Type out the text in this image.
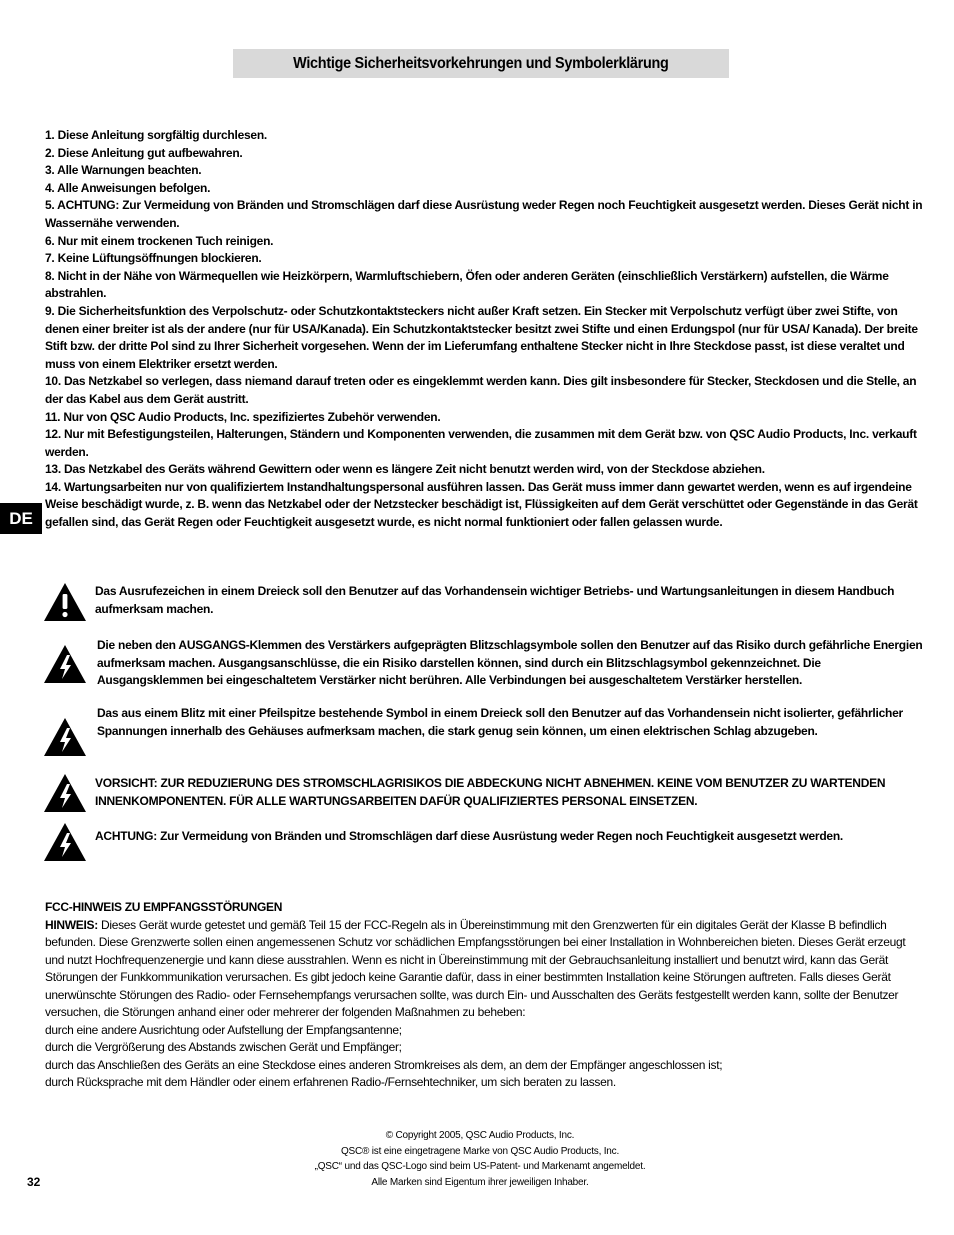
Wichtige Sicherheitsvorkehrungen und Symbolerklärung
1. Diese Anleitung sorgfältig durchlesen.
2. Diese Anleitung gut aufbewahren.
3. Alle Warnungen beachten.
4. Alle Anweisungen befolgen.
5. ACHTUNG: Zur Vermeidung von Bränden und Stromschlägen darf diese Ausrüstung weder Regen noch Feuchtigkeit ausgesetzt werden. Dieses Gerät nicht in Wassernähe verwenden.
6. Nur mit einem trockenen Tuch reinigen.
7. Keine Lüftungsöffnungen blockieren.
8. Nicht in der Nähe von Wärmequellen wie Heizkörpern, Warmluftschiebern, Öfen oder anderen Geräten (einschließlich Verstärkern) aufstellen, die Wärme abstrahlen.
9. Die Sicherheitsfunktion des Verpolschutz- oder Schutzkontaktsteckers nicht außer Kraft setzen. Ein Stecker mit Verpolschutz verfügt über zwei Stifte, von denen einer breiter ist als der andere (nur für USA/Kanada). Ein Schutzkontaktstecker besitzt zwei Stifte und einen Erdungspol (nur für USA/ Kanada). Der breite Stift bzw. der dritte Pol sind zu Ihrer Sicherheit vorgesehen. Wenn der im Lieferumfang enthaltene Stecker nicht in Ihre Steckdose passt, ist diese veraltet und muss von einem Elektriker ersetzt werden.
10. Das Netzkabel so verlegen, dass niemand darauf treten oder es eingeklemmt werden kann. Dies gilt insbesondere für Stecker, Steckdosen und die Stelle, an der das Kabel aus dem Gerät austritt.
11. Nur von QSC Audio Products, Inc. spezifiziertes Zubehör verwenden.
12. Nur mit Befestigungsteilen, Halterungen, Ständern und Komponenten verwenden, die zusammen mit dem Gerät bzw. von QSC Audio Products, Inc. verkauft werden.
13. Das Netzkabel des Geräts während Gewittern oder wenn es längere Zeit nicht benutzt werden wird, von der Steckdose abziehen.
14. Wartungsarbeiten nur von qualifiziertem Instandhaltungspersonal ausführen lassen. Das Gerät muss immer dann gewartet werden, wenn es auf irgendeine Weise beschädigt wurde, z. B. wenn das Netzkabel oder der Netzstecker beschädigt ist, Flüssigkeiten auf dem Gerät verschüttet oder Gegenstände in das Gerät gefallen sind, das Gerät Regen oder Feuchtigkeit ausgesetzt wurde, es nicht normal funktioniert oder fallen gelassen wurde.
DE
Das Ausrufezeichen in einem Dreieck soll den Benutzer auf das Vorhandensein wichtiger Betriebs- und Wartungsanleitungen in diesem Handbuch aufmerksam machen.
Die neben den AUSGANGS-Klemmen des Verstärkers aufgeprägten Blitzschlagsymbole sollen den Benutzer auf das Risiko durch gefährliche Energien aufmerksam machen. Ausgangsanschlüsse, die ein Risiko darstellen können, sind durch ein Blitzschlagsymbol gekennzeichnet. Die Ausgangsklemmen bei eingeschaltetem Verstärker nicht berühren. Alle Verbindungen bei ausgeschaltetem Verstärker herstellen.
Das aus einem Blitz mit einer Pfeilspitze bestehende Symbol in einem Dreieck soll den Benutzer auf das Vorhandensein nicht isolierter, gefährlicher Spannungen innerhalb des Gehäuses aufmerksam machen, die stark genug sein können, um einen elektrischen Schlag abzugeben.
VORSICHT: ZUR REDUZIERUNG DES STROMSCHLAGRISIKOS DIE ABDECKUNG NICHT ABNEHMEN. KEINE VOM BENUTZER ZU WARTENDEN INNENKOMPONENTEN. FÜR ALLE WARTUNGSARBEITEN DAFÜR QUALIFIZIERTES PERSONAL EINSETZEN.
ACHTUNG: Zur Vermeidung von Bränden und Stromschlägen darf diese Ausrüstung weder Regen noch Feuchtigkeit ausgesetzt werden.
FCC-HINWEIS ZU EMPFANGSSTÖRUNGEN
HINWEIS: Dieses Gerät wurde getestet und gemäß Teil 15 der FCC-Regeln als in Übereinstimmung mit den Grenzwerten für ein digitales Gerät der Klasse B befindlich befunden. Diese Grenzwerte sollen einen angemessenen Schutz vor schädlichen Empfangsstörungen bei einer Installation in Wohnbereichen bieten. Dieses Gerät erzeugt und nutzt Hochfrequenzenergie und kann diese ausstrahlen. Wenn es nicht in Übereinstimmung mit der Gebrauchsanleitung installiert und benutzt wird, kann das Gerät Störungen der Funkkommunikation verursachen. Es gibt jedoch keine Garantie dafür, dass in einer bestimmten Installation keine Störungen auftreten. Falls dieses Gerät unerwünschte Störungen des Radio- oder Fernsehempfangs verursachen sollte, was durch Ein- und Ausschalten des Geräts festgestellt werden kann, sollte der Benutzer versuchen, die Störungen anhand einer oder mehrerer der folgenden Maßnahmen zu beheben:
durch eine andere Ausrichtung oder Aufstellung der Empfangsantenne;
durch die Vergrößerung des Abstands zwischen Gerät und Empfänger;
durch das Anschließen des Geräts an eine Steckdose eines anderen Stromkreises als dem, an dem der Empfänger angeschlossen ist;
durch Rücksprache mit dem Händler oder einem erfahrenen Radio-/Fernsehtechniker, um sich beraten zu lassen.
© Copyright 2005, QSC Audio Products, Inc.
QSC® ist eine eingetragene Marke von QSC Audio Products, Inc.
„QSC“ und das QSC-Logo sind beim US-Patent- und Markenamt angemeldet.
Alle Marken sind Eigentum ihrer jeweiligen Inhaber.
32
